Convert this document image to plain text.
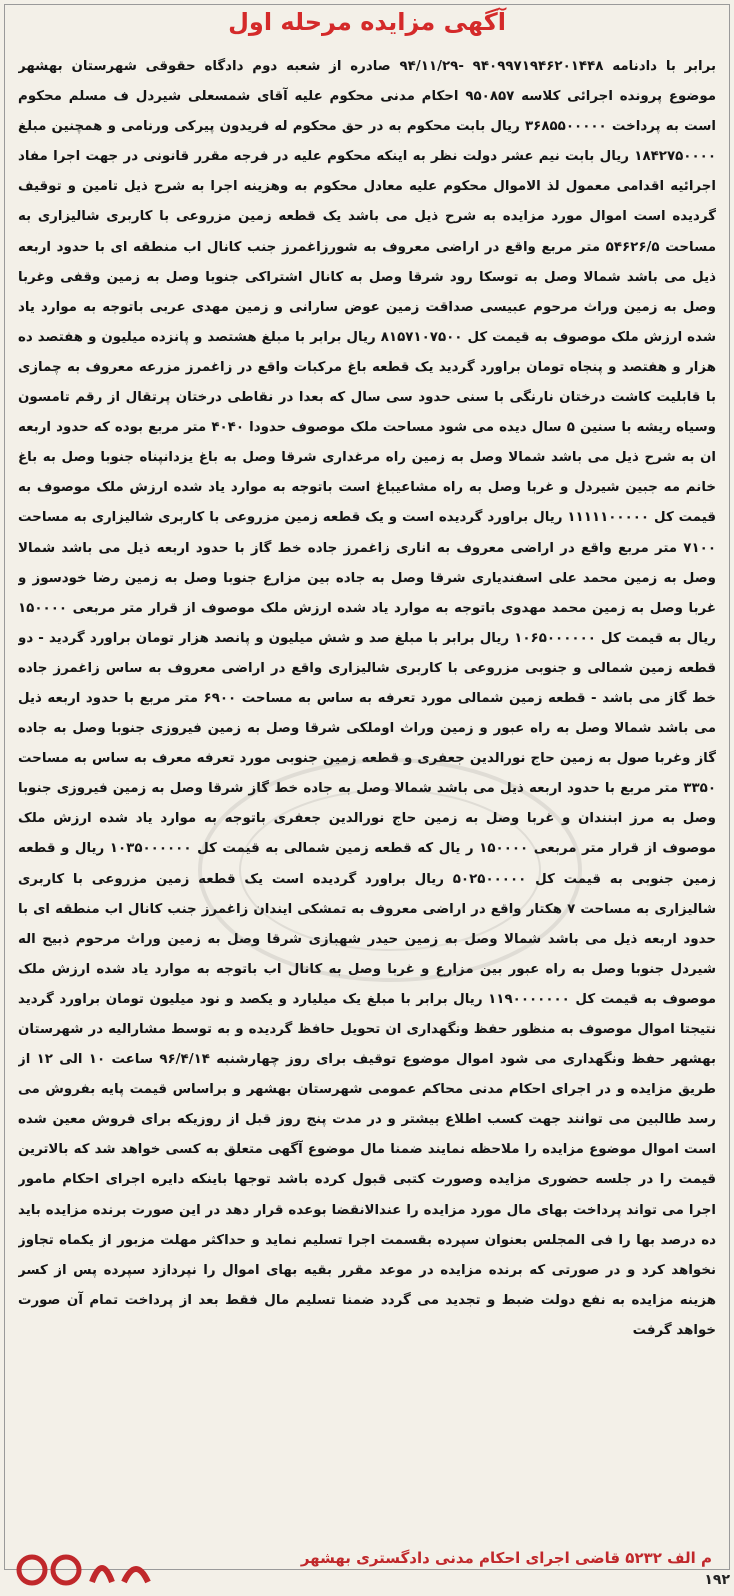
آگهی مزایده مرحله اول
برابر با دادنامه ۹۴۰۹۹۷۱۹۴۶۲۰۱۴۴۸ -۹۴/۱۱/۲۹ صادره از شعبه دوم دادگاه حقوقی شهرستان بهشهر موضوع پرونده اجرائی کلاسه ۹۵۰۸۵۷ احکام مدنی محکوم علیه آقای شمسعلی شیردل ف مسلم محکوم است به پرداخت ۳۶۸۵۵۰۰۰۰۰ ریال بابت محکوم به در حق محکوم له فریدون پیرکی ورنامی و همچنین مبلغ ۱۸۴۲۷۵۰۰۰۰ ریال بابت نیم عشر دولت نظر به اینکه محکوم علیه در فرجه مقرر قانونی در جهت اجرا مفاد اجرائیه اقدامی معمول لذ الاموال محکوم علیه معادل محکوم به وهزینه اجرا به شرح ذیل تامین و توقیف گردیده است اموال مورد مزایده به شرح ذیل می باشد یک قطعه زمین مزروعی با کاربری شالیزاری به مساحت ۵۴۶۲۶/۵ متر مربع واقع در اراضی معروف به شورزاغمرز جنب کانال اب منطقه ای با حدود اربعه ذیل می باشد شمالا وصل به توسکا رود شرقا وصل به کانال اشتراکی جنوبا وصل به زمین وقفی وغربا وصل به زمین وراث مرحوم عبیسی صداقت زمین عوض سارانی و زمین مهدی عربی باتوجه به موارد یاد شده ارزش ملک موصوف به قیمت کل ۸۱۵۷۱۰۷۵۰۰ ریال برابر با مبلغ هشتصد و پانزده میلیون و هفتصد ده هزار و هفتصد و پنجاه تومان براورد گردید یک قطعه باغ مرکبات واقع در زاغمرز مزرعه معروف به چمازی با قابلیت کاشت درختان نارنگی با سنی حدود سی سال که بعدا در نقاطی درختان پرتقال از رقم تامسون وسیاه ریشه با سنین ۵ سال دیده می شود مساحت ملک موصوف حدودا ۴۰۴۰ متر مربع بوده که حدود اربعه ان به شرح ذیل می باشد شمالا وصل به زمین راه مرغداری شرقا وصل به باغ یزدانپناه جنوبا وصل به باغ خانم مه جبین شیردل و غربا وصل به راه مشاعیباغ است باتوجه به موارد یاد شده ارزش ملک موصوف به قیمت کل ۱۱۱۱۱۰۰۰۰۰ ریال براورد گردیده است و یک قطعه زمین مزروعی با کاربری شالیزاری به مساحت ۷۱۰۰ متر مربع واقع در اراضی معروف به اناری زاغمرز جاده خط گاز با حدود اربعه ذیل می باشد شمالا وصل به زمین محمد علی اسفندیاری شرقا وصل به جاده بین مزارع جنوبا وصل به زمین رضا خودسوز و غربا وصل به زمین محمد مهدوی باتوجه به موارد یاد شده ارزش ملک موصوف از قرار متر مربعی ۱۵۰۰۰۰ ریال به قیمت کل ۱۰۶۵۰۰۰۰۰۰ ریال برابر با مبلغ صد و شش میلیون و پانصد هزار تومان براورد گردید - دو قطعه زمین شمالی و جنوبی مزروعی با کاربری شالیزاری واقع در اراضی معروف به ساس زاغمرز جاده خط گاز می باشد - قطعه زمین شمالی مورد تعرفه به ساس به مساحت ۶۹۰۰ متر مربع با حدود اربعه ذیل می باشد شمالا وصل به راه عبور و زمین وراث اوملکی شرقا وصل به زمین فیروزی جنوبا وصل به جاده گاز وغربا صول به زمین حاج نورالدین جعفری و قطعه زمین جنوبی مورد تعرفه معرف به ساس به مساحت ۳۳۵۰ متر مربع با حدود اربعه ذیل می باشد شمالا وصل به جاده خط گاز شرقا وصل به زمین فیروزی جنوبا وصل به مرز ابنندان و غربا وصل به زمین حاج نورالدین جعفری باتوجه به موارد یاد شده ارزش ملک موصوف از قرار متر مربعی ۱۵۰۰۰۰ ر یال که قطعه زمین شمالی به قیمت کل ۱۰۳۵۰۰۰۰۰۰ ریال و قطعه زمین جنوبی به قیمت کل ۵۰۲۵۰۰۰۰۰ ریال براورد گردیده است یک قطعه زمین مزروعی با کاربری شالیزاری به مساحت ۷ هکتار واقع در اراضی معروف به تمشکی ایندان زاغمرز جنب کانال اب منطقه ای با حدود اربعه ذیل می باشد شمالا وصل به زمین حیدر شهبازی شرقا وصل به زمین وراث مرحوم ذبیح اله شیردل جنوبا وصل به راه عبور بین مزارع و غربا وصل به کانال اب باتوجه به موارد یاد شده ارزش ملک موصوف به قیمت کل ۱۱۹۰۰۰۰۰۰۰ ریال برابر با مبلغ یک میلیارد و یکصد و نود میلیون تومان براورد گردید نتیجتا اموال موصوف به منظور حفظ ونگهداری ان تحویل حافظ گردیده و به توسط مشارالیه در شهرستان بهشهر حفظ ونگهداری می شود اموال موضوع توقیف برای روز چهارشنبه ۹۶/۴/۱۴ ساعت ۱۰ الی ۱۲ از طریق مزایده و در اجرای احکام مدنی محاکم عمومی شهرستان بهشهر و براساس قیمت پایه بفروش می رسد طالبین می توانند جهت کسب اطلاع بیشتر و در مدت پنج روز قبل از روزیکه برای فروش معین شده است اموال موضوع مزایده را ملاحظه نمایند ضمنا مال موضوع آگهی متعلق به کسی خواهد شد که بالاترین قیمت را در جلسه حضوری مزایده وصورت کتبی قبول کرده باشد توجها باینکه دایره اجرای احکام مامور اجرا می تواند پرداخت بهای مال مورد مزایده را عندالانقضا بوعده قرار دهد در این صورت برنده مزایده باید ده درصد بها را فی المجلس بعنوان سپرده بقسمت اجرا تسلیم نماید و حداکثر مهلت مزبور از یکماه تجاوز نخواهد کرد و در صورتی که برنده مزایده در موعد مقرر بقیه بهای اموال را نپردازد سپرده پس از کسر هزینه مزایده به نفع دولت ضبط و تجدید می گردد ضمنا تسلیم مال فقط بعد از پرداخت تمام آن صورت خواهد گرفت
م الف ۵۲۳۲ قاضی اجرای احکام مدنی دادگستری بهشهر
۱۹۲
